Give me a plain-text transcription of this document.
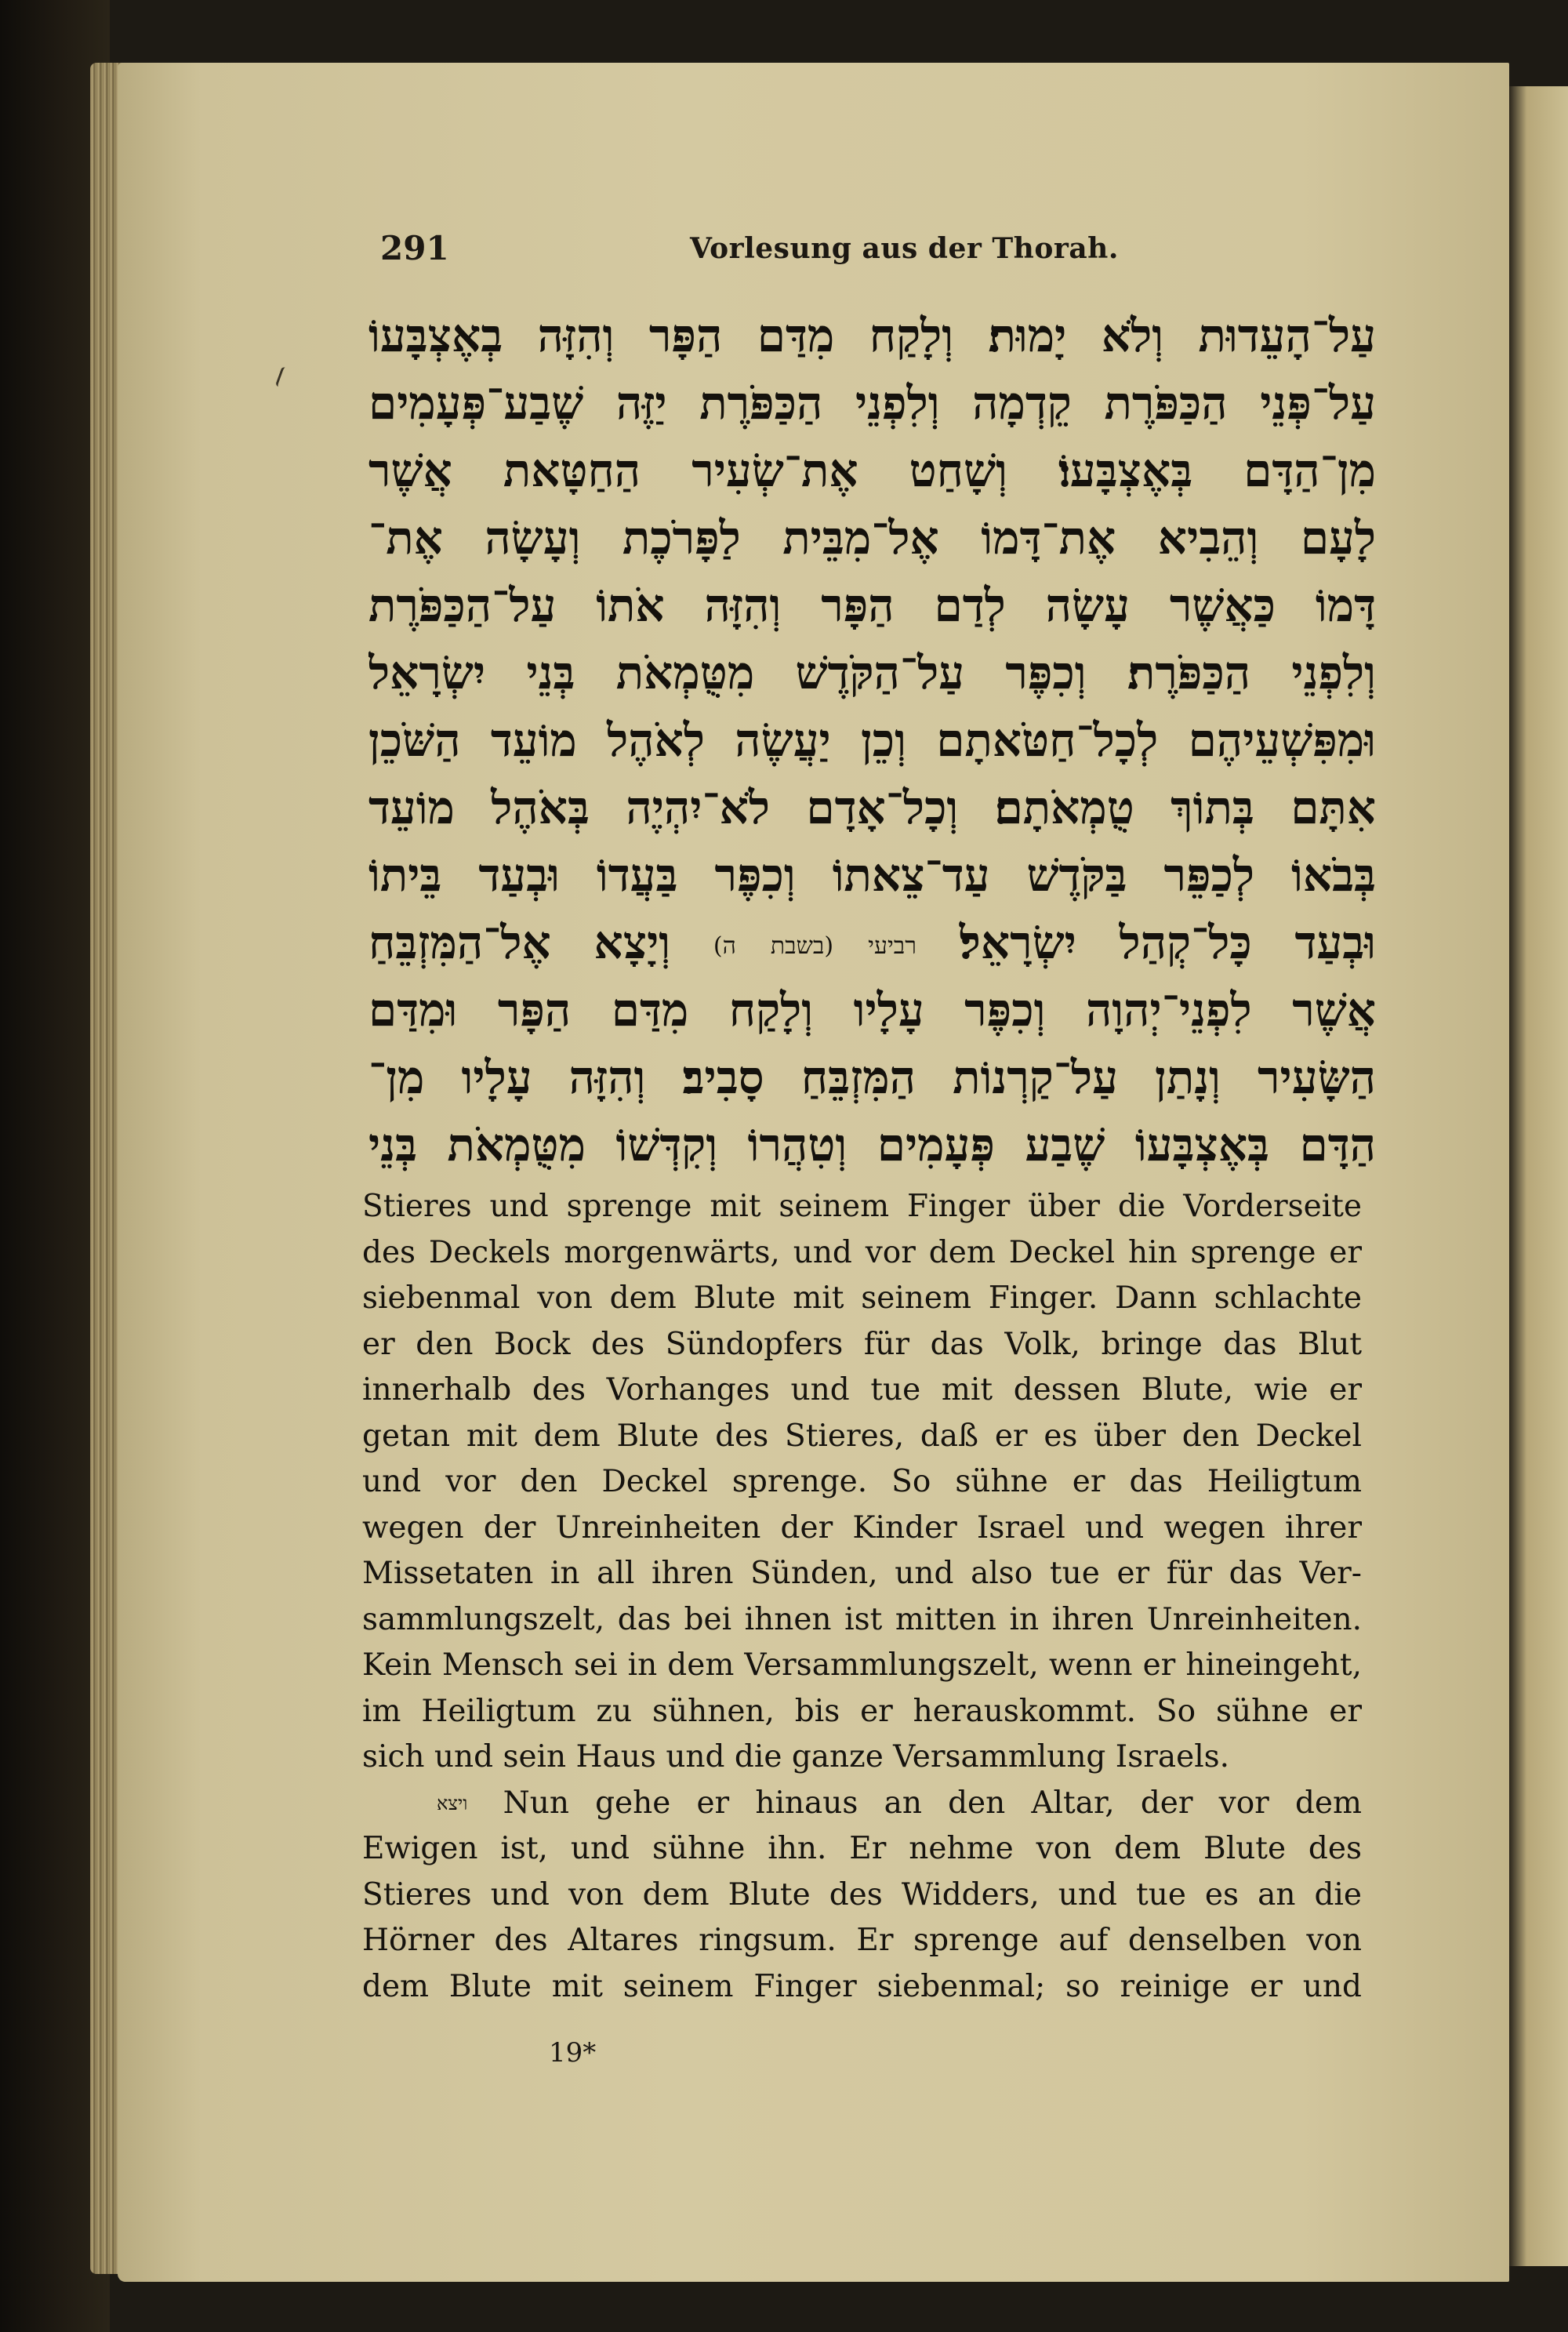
291	Vorlesung aus der Thorah.
עַל־הָעֵדוּת וְלֹא יָמוּת׃ וְלָקַח מִדַּם הַפָּר וְהִזָּה בְאֶצְבָּעוֹ
עַל־פְּנֵי הַכַּפֹּרֶת קֵדְמָה וְלִפְנֵי הַכַּפֹּרֶת יַזֶּה שֶׁבַע־פְּעָמִים
מִן־הַדָּם בְּאֶצְבָּעוֹ׃ וְשָׁחַט אֶת־שְׂעִיר הַחַטָּאת אֲשֶׁר
לָעָם וְהֵבִיא אֶת־דָּמוֹ אֶל־מִבֵּית לַפָּרֹכֶת וְעָשָׂה אֶת־
דָּמוֹ כַּאֲשֶׁר עָשָׂה לְדַם הַפָּר וְהִזָּה אֹתוֹ עַל־הַכַּפֹּרֶת
וְלִפְנֵי הַכַּפֹּרֶת׃ וְכִפֶּר עַל־הַקֹּדֶשׁ מִטֻּמְאֹת בְּנֵי יִשְׂרָאֵל
וּמִפִּשְׁעֵיהֶם לְכָל־חַטֹּאתָם וְכֵן יַעֲשֶׂה לְאֹהֶל מוֹעֵד הַשֹּׁכֵן
אִתָּם בְּתוֹךְ טֻמְאֹתָם׃ וְכָל־אָדָם לֹא־יִהְיֶה בְּאֹהֶל מוֹעֵד
בְּבֹאוֹ לְכַפֵּר בַּקֹּדֶשׁ עַד־צֵאתוֹ וְכִפֶּר בַּעֲדוֹ וּבְעַד בֵּיתוֹ
וּבְעַד כָּל־קְהַל יִשְׂרָאֵל׃ רביעי (בשבת ה) וְיָצָא אֶל־הַמִּזְבֵּחַ
אֲשֶׁר לִפְנֵי־יְהוָה וְכִפֶּר עָלָיו וְלָקַח מִדַּם הַפָּר וּמִדַּם
הַשָּׂעִיר וְנָתַן עַל־קַרְנוֹת הַמִּזְבֵּחַ סָבִיב׃ וְהִזָּה עָלָיו מִן־
הַדָּם בְּאֶצְבָּעוֹ שֶׁבַע פְּעָמִים וְטִהֲרוֹ וְקִדְּשׁוֹ מִטֻּמְאֹת בְּנֵי
Stieres und sprenge mit seinem Finger über die Vorderseite
des Deckels morgenwärts, und vor dem Deckel hin sprenge er
siebenmal von dem Blute mit seinem Finger. Dann schlachte
er den Bock des Sündopfers für das Volk, bringe das Blut
innerhalb des Vorhanges und tue mit dessen Blute, wie er
getan mit dem Blute des Stieres, daß er es über den Deckel
und vor den Deckel sprenge. So sühne er das Heiligtum
wegen der Unreinheiten der Kinder Israel und wegen ihrer
Missetaten in all ihren Sünden, und also tue er für das Ver-
sammlungszelt, das bei ihnen ist mitten in ihren Unreinheiten.
Kein Mensch sei in dem Versammlungszelt, wenn er hineingeht,
im Heiligtum zu sühnen, bis er herauskommt. So sühne er
sich und sein Haus und die ganze Versammlung Israels.
$^{ויצא}$ Nun gehe er hinaus an den Altar, der vor dem
Ewigen ist, und sühne ihn. Er nehme von dem Blute des
Stieres und von dem Blute des Widders, und tue es an die
Hörner des Altares ringsum. Er sprenge auf denselben von
dem Blute mit seinem Finger siebenmal; so reinige er und
19*
